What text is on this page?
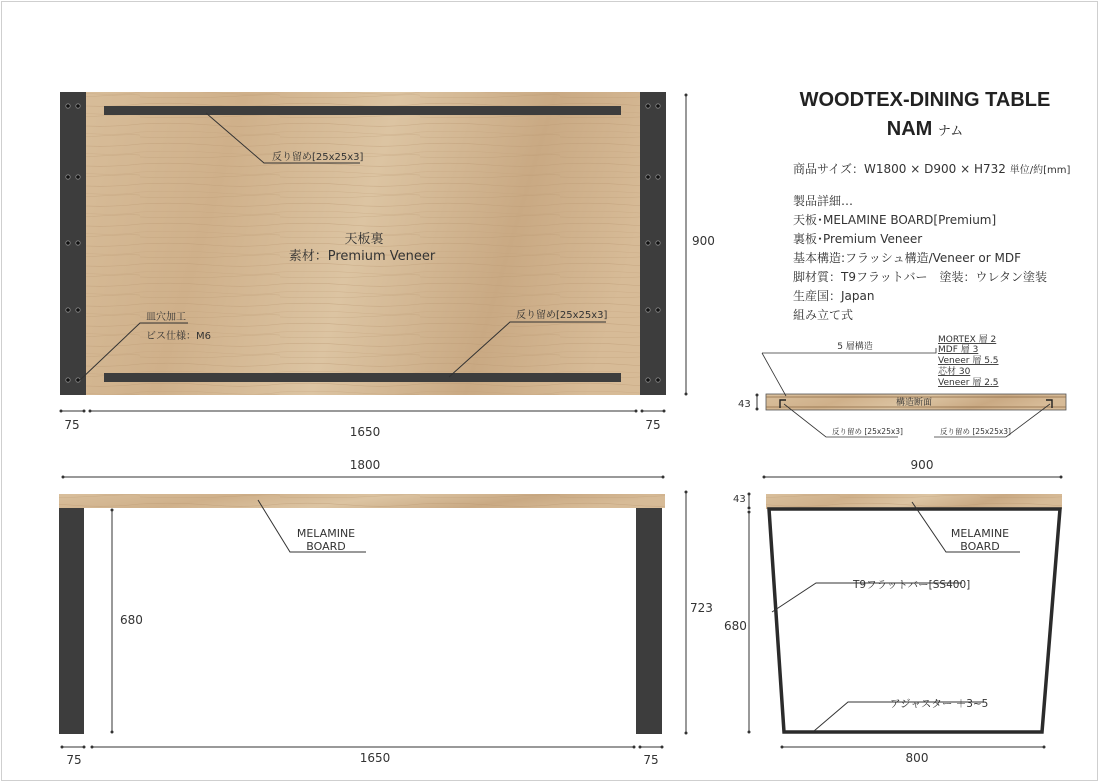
反り留め[25x25x3]
天板裏
素材：Premium Veneer
皿穴加工
ビス仕様：M6
反り留め[25x25x3]
900
75	1650	75
5 層構造
MORTEX 層 2
MDF 層 3
Veneer 層 5.5
芯材 30
Veneer 層 2.5
43	構造断面
反り留め [25x25x3]	反り留め [25x25x3]
1800
MELAMINE
BOARD
680
723
75	1650	75
900
MELAMINE
BOARD
T9フラットバー[SS400]
43
680
アジャスター ＋3~5
800
WOODTEX-DINING TABLE
NAM ナム
商品サイズ：W1800 × D900 × H732 単位/約[mm]
製品詳細…
天板･MELAMINE BOARD[Premium]
裏板･Premium Veneer
基本構造:フラッシュ構造/Veneer or MDF
脚材質：T9フラットバー　塗装：ウレタン塗装
生産国：Japan
組み立て式
